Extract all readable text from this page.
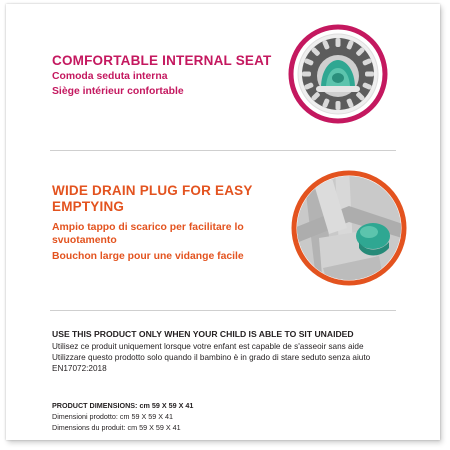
COMFORTABLE INTERNAL SEAT
Comoda seduta interna
Siège intérieur confortable
WIDE DRAIN PLUG FOR EASY EMPTYING
Ampio tappo di scarico per facilitare lo svuotamento
Bouchon large pour une vidange facile
USE THIS PRODUCT ONLY WHEN YOUR CHILD IS ABLE TO SIT UNAIDED
Utilisez ce produit uniquement lorsque votre enfant est capable de s'asseoir sans aide
Utilizzare questo prodotto solo quando il bambino è in grado di stare seduto senza aiuto
EN17072:2018
PRODUCT DIMENSIONS: cm 59 X 59 X 41
Dimensioni prodotto: cm 59 X 59 X 41
Dimensions du produit: cm 59 X 59 X 41
